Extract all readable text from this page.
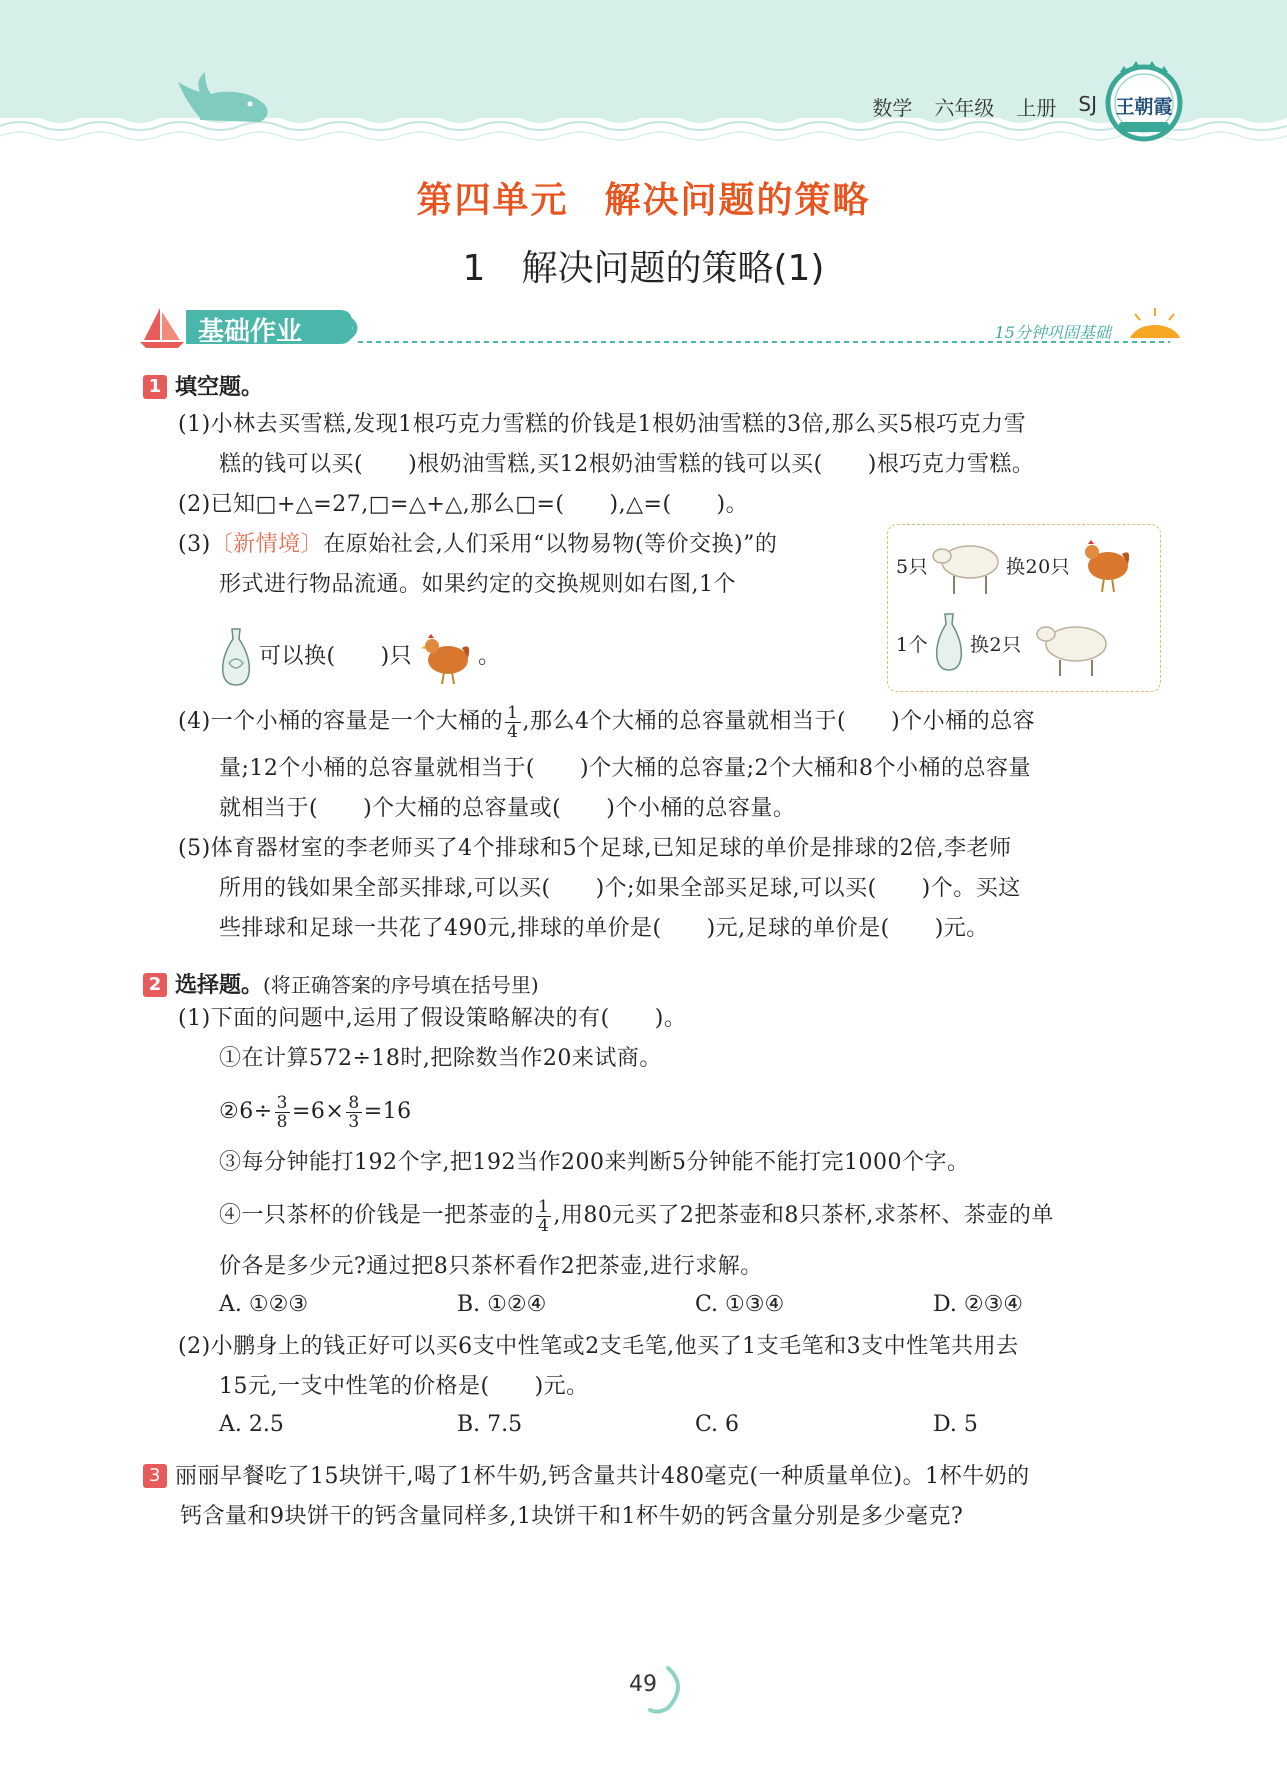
数学 六年级 上册 SJ 王朝霞
第四单元 解决问题的策略
1　解决问题的策略(1)
基础作业	15分钟巩固基础
1 填空题。
(1)小林去买雪糕,发现1根巧克力雪糕的价钱是1根奶油雪糕的3倍,那么买5根巧克力雪
糕的钱可以买(　　)根奶油雪糕,买12根奶油雪糕的钱可以买(　　)根巧克力雪糕。
(2)已知□+△=27,□=△+△,那么□=(　　),△=(　　)。
(3)〔新情境〕在原始社会,人们采用“以物易物(等价交换)”的
形式进行物品流通。如果约定的交换规则如右图,1个
可以换(　　)只	。
5只	换20只
1个 换2只
(4)一个小桶的容量是一个大桶的 $\frac{1}{4}$ ,那么4个大桶的总容量就相当于(　　)个小桶的总容
量;12个小桶的总容量就相当于(　　)个大桶的总容量;2个大桶和8个小桶的总容量
就相当于(　　)个大桶的总容量或(　　)个小桶的总容量。
(5)体育器材室的李老师买了4个排球和5个足球,已知足球的单价是排球的2倍,李老师
所用的钱如果全部买排球,可以买(　　)个;如果全部买足球,可以买(　　)个。买这
些排球和足球一共花了490元,排球的单价是(　　)元,足球的单价是(　　)元。
2 选择题。(将正确答案的序号填在括号里)
(1)下面的问题中,运用了假设策略解决的有(　　)。
①在计算572÷18时,把除数当作20来试商。
②6÷ $\frac{3}{8} =6\times \frac{8}{3} =16$
③每分钟能打192个字,把192当作200来判断5分钟能不能打完1000个字。
④一只茶杯的价钱是一把茶壶的 $\frac{1}{4}$ ,用80元买了2把茶壶和8只茶杯,求茶杯、茶壶的单
价各是多少元?通过把8只茶杯看作2把茶壶,进行求解。
A. ①②③	B. ①②④	C. ①③④	D. ②③④
(2)小鹏身上的钱正好可以买6支中性笔或2支毛笔,他买了1支毛笔和3支中性笔共用去
15元,一支中性笔的价格是(　　)元。
A. 2.5	B. 7.5	C. 6	D. 5
3 丽丽早餐吃了15块饼干,喝了1杯牛奶,钙含量共计480毫克(一种质量单位)。1杯牛奶的
钙含量和9块饼干的钙含量同样多,1块饼干和1杯牛奶的钙含量分别是多少毫克?
49
